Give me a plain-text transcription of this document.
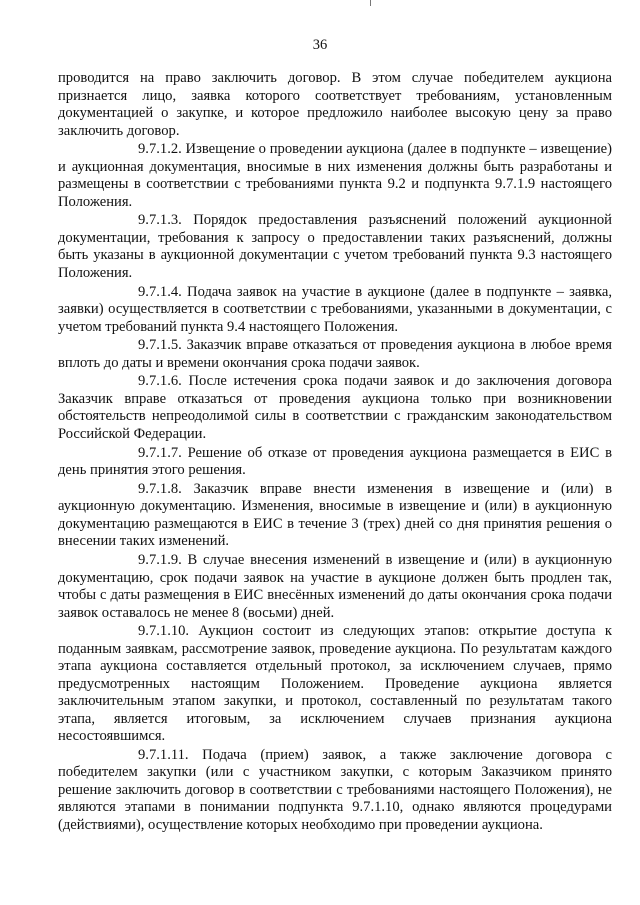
36

проводится на право заключить договор. В этом случае победителем аукциона признается лицо, заявка которого соответствует требованиям, установленным документацией о закупке, и которое предложило наиболее высокую цену за право заключить договор.

9.7.1.2. Извещение о проведении аукциона (далее в подпункте – извещение) и аукционная документация, вносимые в них изменения должны быть разработаны и размещены в соответствии с требованиями пункта 9.2 и подпункта 9.7.1.9 настоящего Положения.

9.7.1.3. Порядок предоставления разъяснений положений аукционной документации, требования к запросу о предоставлении таких разъяснений, должны быть указаны в аукционной документации с учетом требований пункта 9.3 настоящего Положения.

9.7.1.4. Подача заявок на участие в аукционе (далее в подпункте – заявка, заявки) осуществляется в соответствии с требованиями, указанными в документации, с учетом требований пункта 9.4 настоящего Положения.

9.7.1.5. Заказчик вправе отказаться от проведения аукциона в любое время вплоть до даты и времени окончания срока подачи заявок.

9.7.1.6. После истечения срока подачи заявок и до заключения договора Заказчик вправе отказаться от проведения аукциона только при возникновении обстоятельств непреодолимой силы в соответствии с гражданским законодательством Российской Федерации.

9.7.1.7. Решение об отказе от проведения аукциона размещается в ЕИС в день принятия этого решения.

9.7.1.8. Заказчик вправе внести изменения в извещение и (или) в аукционную документацию. Изменения, вносимые в извещение и (или) в аукционную документацию размещаются в ЕИС в течение 3 (трех) дней со дня принятия решения о внесении таких изменений.

9.7.1.9. В случае внесения изменений в извещение и (или) в аукционную документацию, срок подачи заявок на участие в аукционе должен быть продлен так, чтобы с даты размещения в ЕИС внесённых изменений до даты окончания срока подачи заявок оставалось не менее 8 (восьми) дней.

9.7.1.10. Аукцион состоит из следующих этапов: открытие доступа к поданным заявкам, рассмотрение заявок, проведение аукциона. По результатам каждого этапа аукциона составляется отдельный протокол, за исключением случаев, прямо предусмотренных настоящим Положением. Проведение аукциона является заключительным этапом закупки, и протокол, составленный по результатам такого этапа, является итоговым, за исключением случаев признания аукциона несостоявшимся.

9.7.1.11. Подача (прием) заявок, а также заключение договора с победителем закупки (или с участником закупки, с которым Заказчиком принято решение заключить договор в соответствии с требованиями настоящего Положения), не являются этапами в понимании подпункта 9.7.1.10, однако являются процедурами (действиями), осуществление которых необходимо при проведении аукциона.
